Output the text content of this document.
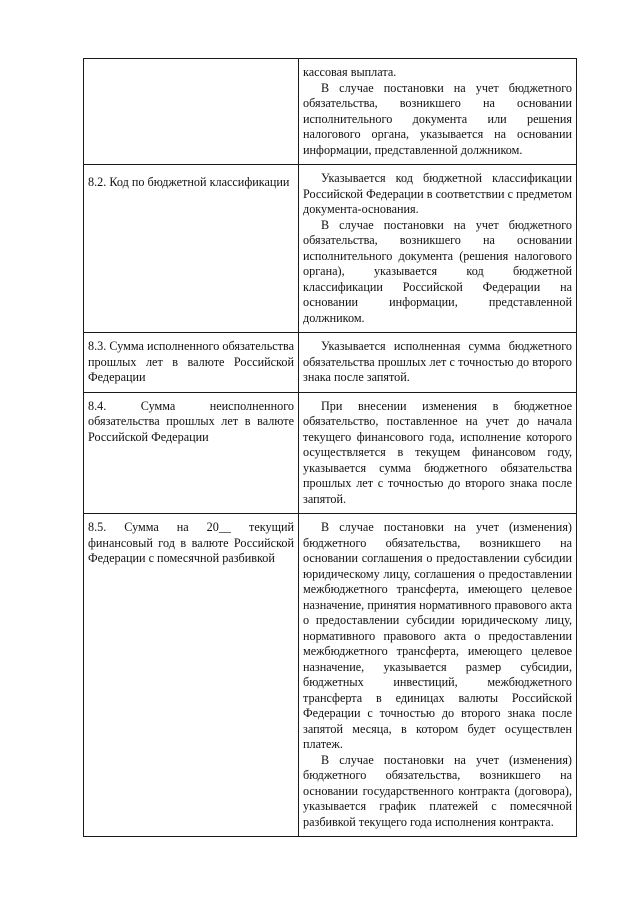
	кассовая выплата.

В случае постановки на учет бюджетного обязательства, возникшего на основании исполнительного документа или решения налогового органа, указывается на основании информации, представленной должником.

8.2. Код по бюджетной классификации	Указывается код бюджетной классификации Российской Федерации в соответствии с предметом документа-основания.

В случае постановки на учет бюджетного обязательства, возникшего на основании исполнительного документа (решения налогового органа), указывается код бюджетной классификации Российской Федерации на основании информации, представленной должником.

8.3. Сумма исполненного обязательства прошлых лет в валюте Российской Федерации	Указывается исполненная сумма бюджетного обязательства прошлых лет с точностью до второго знака после запятой.

8.4. Сумма неисполненного обязательства прошлых лет в валюте Российской Федерации	При внесении изменения в бюджетное обязательство, поставленное на учет до начала текущего финансового года, исполнение которого осуществляется в текущем финансовом году, указывается сумма бюджетного обязательства прошлых лет с точностью до второго знака после запятой.

8.5. Сумма на 20__ текущий финансовый год в валюте Российской Федерации с помесячной разбивкой	В случае постановки на учет (изменения) бюджетного обязательства, возникшего на основании соглашения о предоставлении субсидии юридическому лицу, соглашения о предоставлении межбюджетного трансферта, имеющего целевое назначение, принятия нормативного правового акта о предоставлении субсидии юридическому лицу, нормативного правового акта о предоставлении межбюджетного трансферта, имеющего целевое назначение, указывается размер субсидии, бюджетных инвестиций, межбюджетного трансферта в единицах валюты Российской Федерации с точностью до второго знака после запятой месяца, в котором будет осуществлен платеж.

В случае постановки на учет (изменения) бюджетного обязательства, возникшего на основании государственного контракта (договора), указывается график платежей с помесячной разбивкой текущего года исполнения контракта.
